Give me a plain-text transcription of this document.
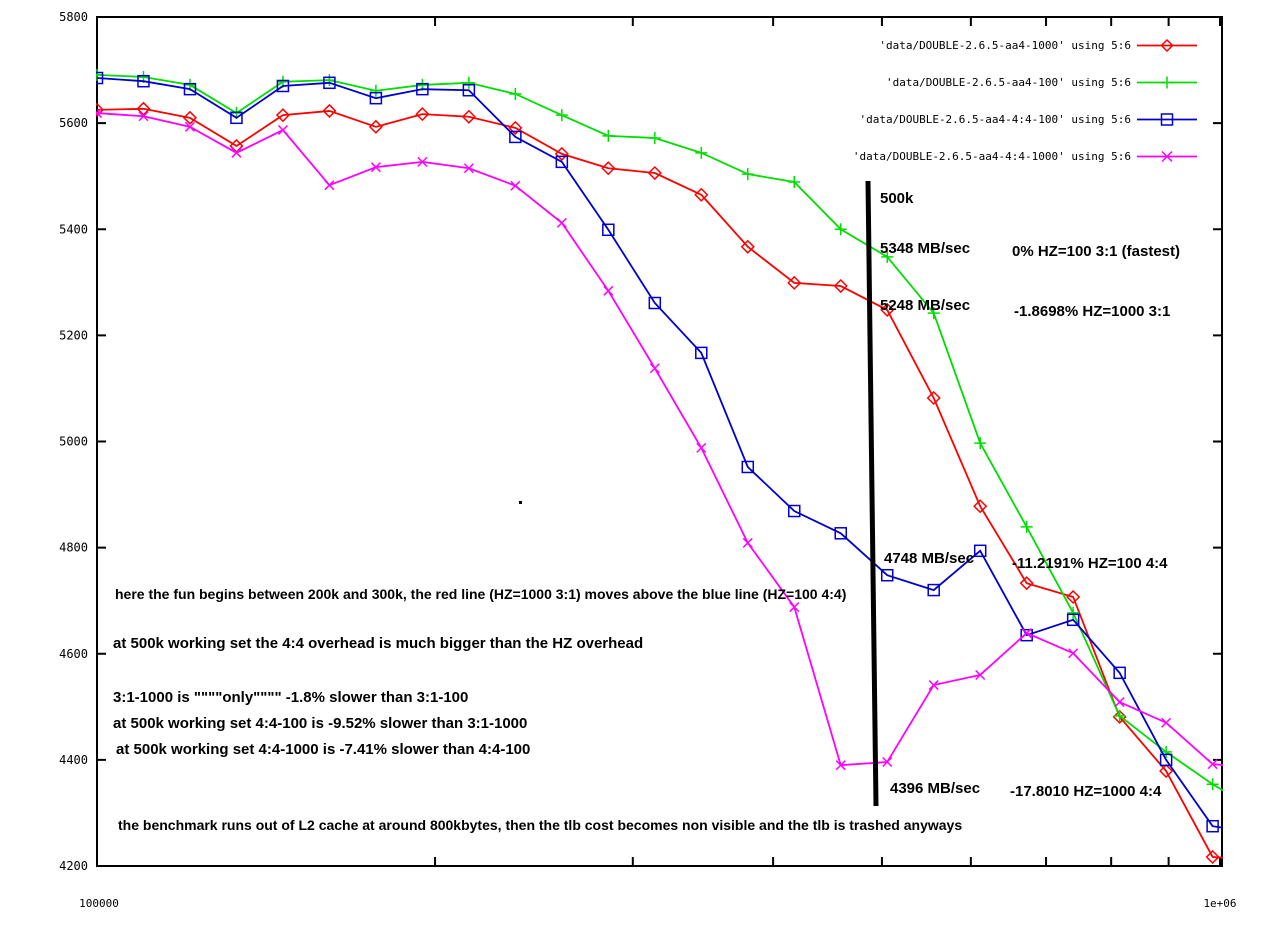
5800
5600
5400
5200
5000
4800
4600
4400
4200
'data/DOUBLE-2.6.5-aa4-1000' using 5:6
'data/DOUBLE-2.6.5-aa4-100' using 5:6
'data/DOUBLE-2.6.5-aa4-4:4-100' using 5:6
'data/DOUBLE-2.6.5-aa4-4:4-1000' using 5:6
100000	1e+06
500k
5348 MB/sec	0% HZ=100 3:1 (fastest)
5248 MB/sec	-1.8698% HZ=1000 3:1
4748 MB/sec	-11.2191% HZ=100 4:4
4396 MB/sec -17.8010 HZ=1000 4:4
here the fun begins between 200k and 300k, the red line (HZ=1000 3:1) moves above the blue line (HZ=100 4:4)
at 500k working set the 4:4 overhead is much bigger than the HZ overhead
3:1-1000 is """"only"""" -1.8% slower than 3:1-100
at 500k working set 4:4-100 is -9.52% slower than 3:1-1000
at 500k working set 4:4-1000 is -7.41% slower than 4:4-100
the benchmark runs out of L2 cache at around 800kbytes, then the tlb cost becomes non visible and the tlb is trashed anyways
